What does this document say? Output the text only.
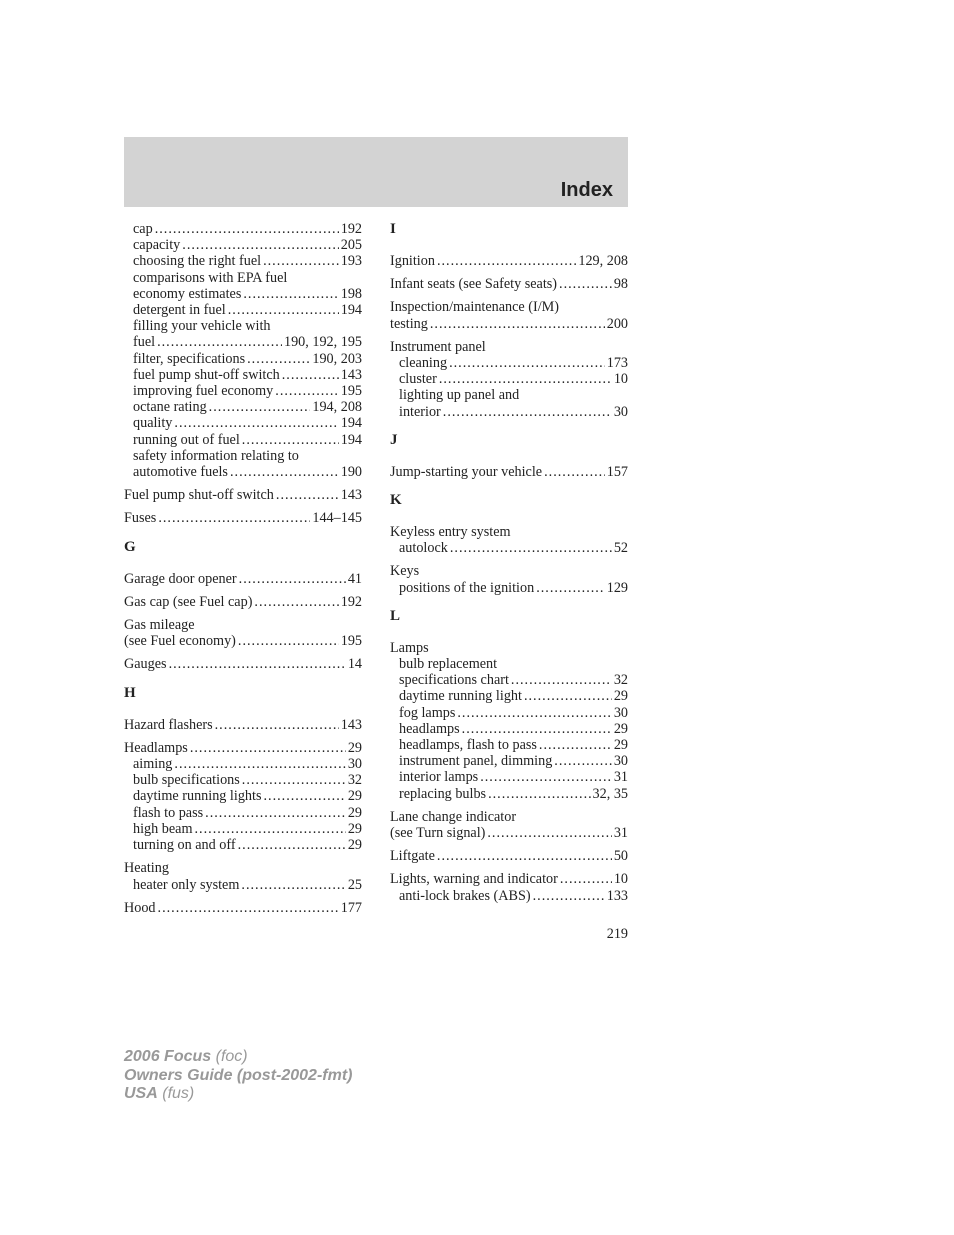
Index
cap .....	192
capacity .....	205
choosing the right fuel .....	193
comparisons with EPA fuel
economy estimates .....	198
detergent in fuel .....	194
filling your vehicle with
fuel .....	190, 192, 195
filter, specifications .....	190, 203
fuel pump shut-off switch .....	143
improving fuel economy .....	195
octane rating .....	194, 208
quality .....	194
running out of fuel .....	194
safety information relating to
automotive fuels .....	190
Fuel pump shut-off switch .....	143
Fuses .....	144–145
G
Garage door opener .....	41
Gas cap (see Fuel cap) .....	192
Gas mileage
(see Fuel economy) .....	195
Gauges .....	14
H
Hazard flashers .....	143
Headlamps .....	29
aiming .....	30
bulb specifications .....	32
daytime running lights .....	29
flash to pass .....	29
high beam .....	29
turning on and off .....	29
Heating
heater only system .....	25
Hood .....	177
I
Ignition .....	129, 208
Infant seats (see Safety seats) .....	98
Inspection/maintenance (I/M)
testing .....	200
Instrument panel
cleaning .....	173
cluster .....	10
lighting up panel and
interior .....	30
J
Jump-starting your vehicle .....	157
K
Keyless entry system
autolock .....	52
Keys
positions of the ignition .....	129
L
Lamps
bulb replacement
specifications chart .....	32
daytime running light .....	29
fog lamps .....	30
headlamps .....	29
headlamps, flash to pass .....	29
instrument panel, dimming .....	30
interior lamps .....	31
replacing bulbs .....	32, 35
Lane change indicator
(see Turn signal) .....	31
Liftgate .....	50
Lights, warning and indicator .....	10
anti-lock brakes (ABS) .....	133
219
2006 Focus (foc)
Owners Guide (post-2002-fmt)
USA (fus)
